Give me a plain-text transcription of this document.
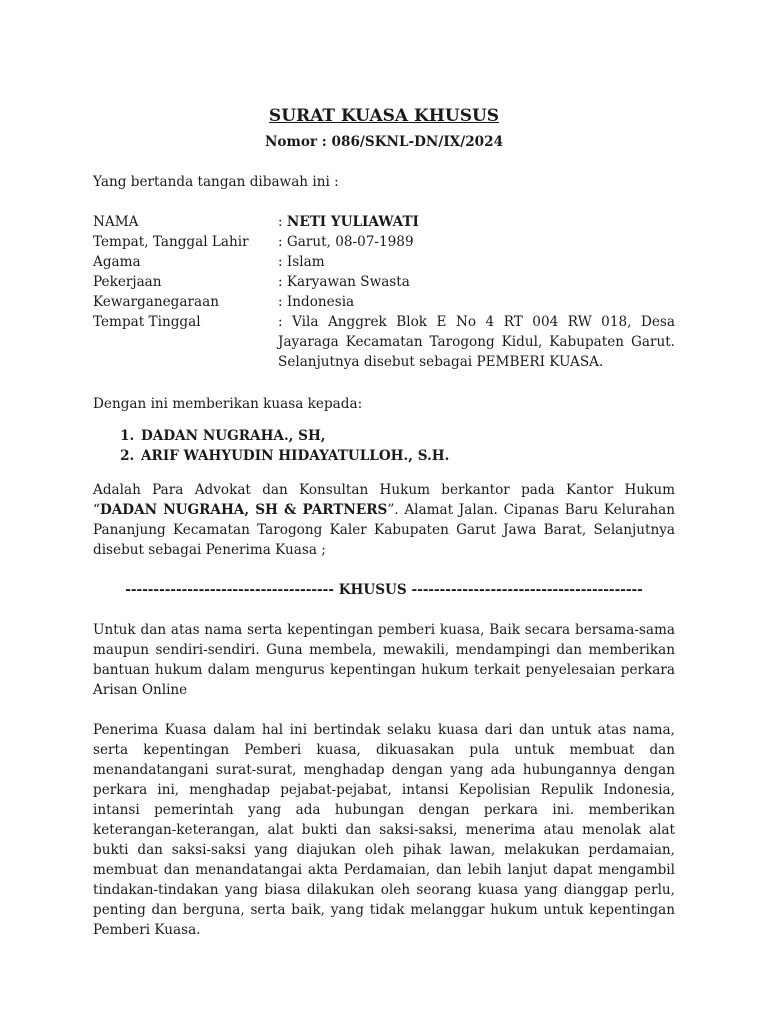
SURAT KUASA KHUSUS
Nomor : 086/SKNL-DN/IX/2024
Yang bertanda tangan dibawah ini :
NAMA	: NETI YULIAWATI
Tempat, Tanggal Lahir	: Garut, 08-07-1989
Agama	: Islam
Pekerjaan	: Karyawan Swasta
Kewarganegaraan	: Indonesia
Tempat Tinggal	: Vila Anggrek Blok E No 4 RT 004 RW 018, Desa Jayaraga Kecamatan Tarogong Kidul, Kabupaten Garut. Selanjutnya disebut sebagai PEMBERI KUASA.
Dengan ini memberikan kuasa kepada:
1. DADAN NUGRAHA., SH,
2. ARIF WAHYUDIN HIDAYATULLOH., S.H.

Adalah Para Advokat dan Konsultan Hukum berkantor pada Kantor Hukum “DADAN NUGRAHA, SH & PARTNERS”. Alamat Jalan. Cipanas Baru Kelurahan Pananjung Kecamatan Tarogong Kaler Kabupaten Garut Jawa Barat, Selanjutnya disebut sebagai Penerima Kuasa ;

------------------------------------- KHUSUS -----------------------------------------

Untuk dan atas nama serta kepentingan pemberi kuasa, Baik secara bersama-sama maupun sendiri-sendiri. Guna membela, mewakili, mendampingi dan memberikan bantuan hukum dalam mengurus kepentingan hukum terkait penyelesaian perkara Arisan Online

Penerima Kuasa dalam hal ini bertindak selaku kuasa dari dan untuk atas nama, serta kepentingan Pemberi kuasa, dikuasakan pula untuk membuat dan menandatangani surat-surat, menghadap dengan yang ada hubungannya dengan perkara ini, menghadap pejabat-pejabat, intansi Kepolisian Repulik Indonesia, intansi pemerintah yang ada hubungan dengan perkara ini. memberikan keterangan-keterangan, alat bukti dan saksi-saksi, menerima atau menolak alat bukti dan saksi-saksi yang diajukan oleh pihak lawan, melakukan perdamaian, membuat dan menandatangai akta Perdamaian, dan lebih lanjut dapat mengambil tindakan-tindakan yang biasa dilakukan oleh seorang kuasa yang dianggap perlu, penting dan berguna, serta baik, yang tidak melanggar hukum untuk kepentingan Pemberi Kuasa.
